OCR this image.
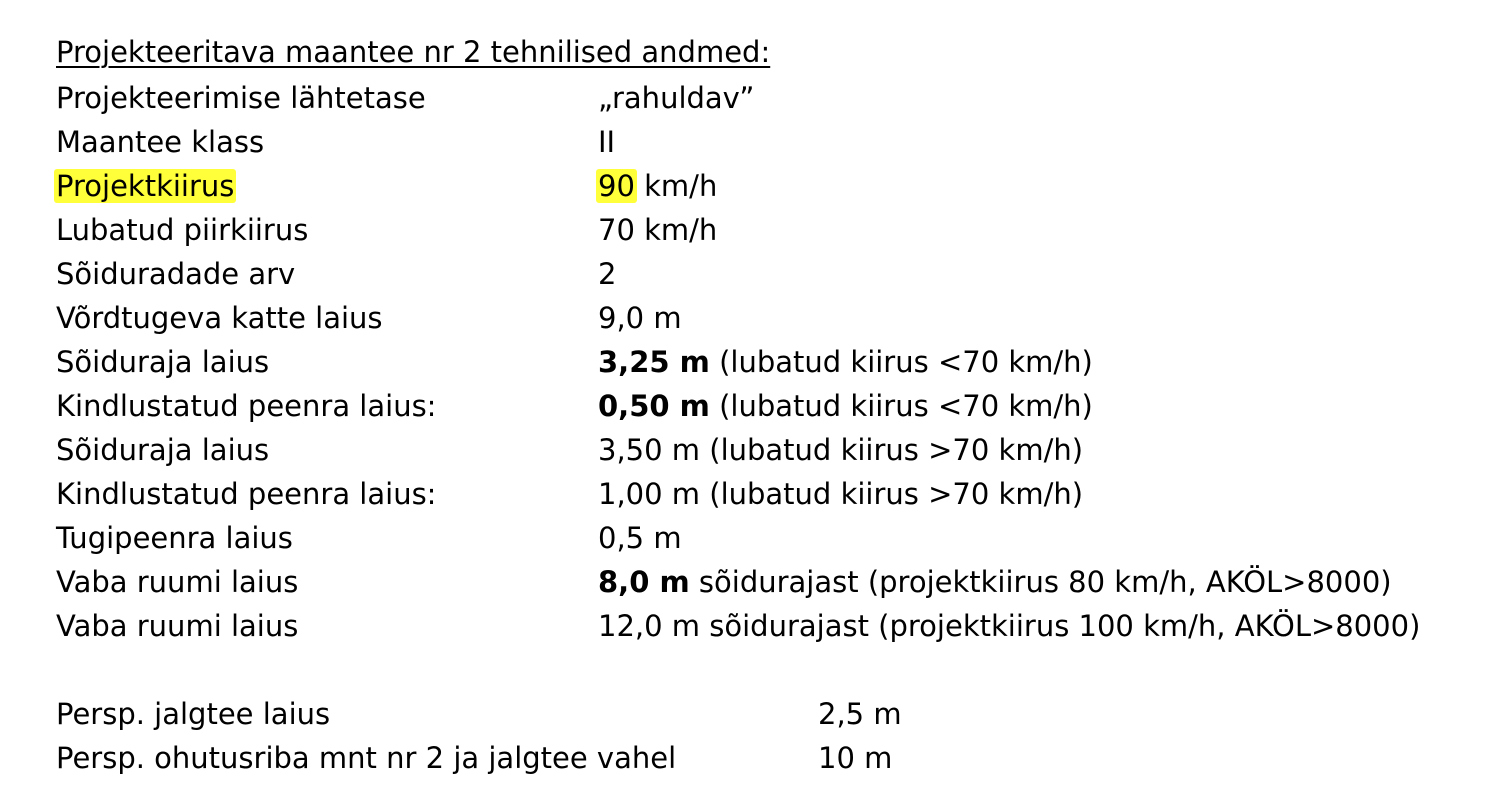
Projekteeritava maantee nr 2 tehnilised andmed:
Projekteerimise lähtetase	„rahuldav”
Maantee klass	II
Projektkiirus	90 km/h
Lubatud piirkiirus	70 km/h
Sõiduradade arv	2
Võrdtugeva katte laius	9,0 m
Sõiduraja laius	3,25 m (lubatud kiirus <70 km/h)
Kindlustatud peenra laius:	0,50 m (lubatud kiirus <70 km/h)
Sõiduraja laius	3,50 m (lubatud kiirus >70 km/h)
Kindlustatud peenra laius:	1,00 m (lubatud kiirus >70 km/h)
Tugipeenra laius	0,5 m
Vaba ruumi laius	8,0 m sõidurajast (projektkiirus 80 km/h, AKÖL>8000)
Vaba ruumi laius	12,0 m sõidurajast (projektkiirus 100 km/h, AKÖL>8000)
Persp. jalgtee laius	2,5 m
Persp. ohutusriba mnt nr 2 ja jalgtee vahel	10 m
